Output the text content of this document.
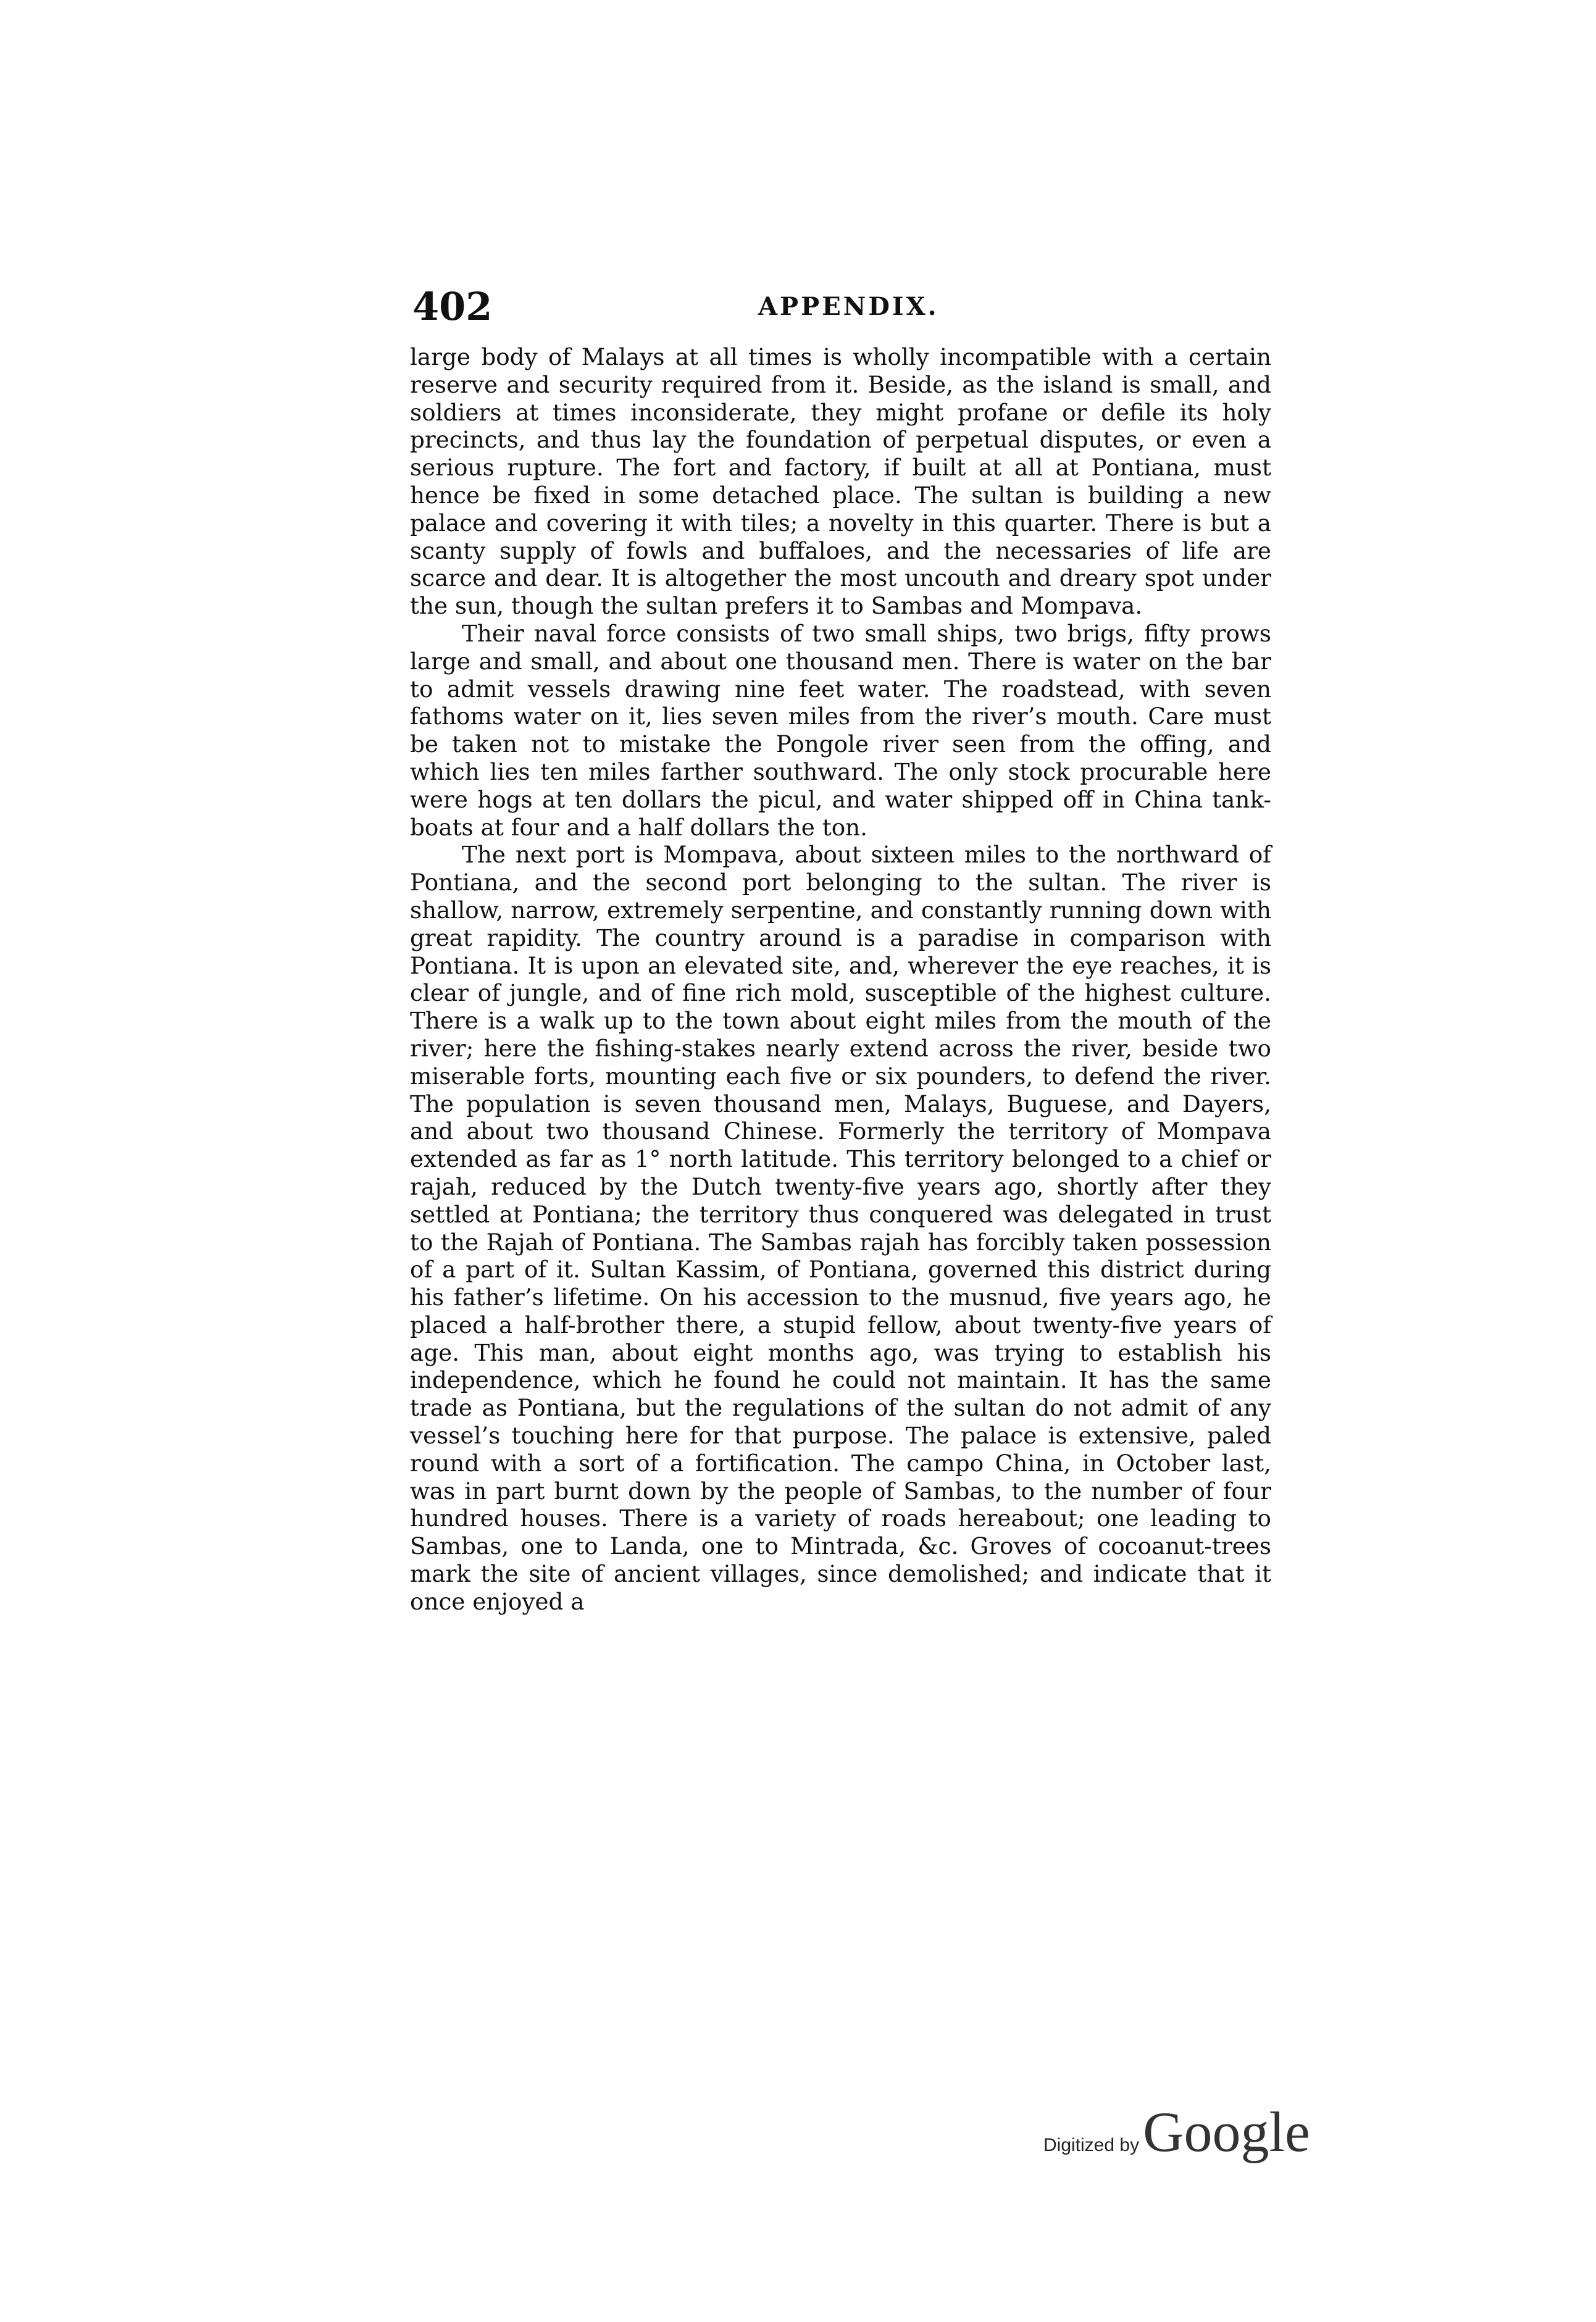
402	APPENDIX.

large body of Malays at all times is wholly incompatible with a certain reserve and security required from it. Beside, as the island is small, and soldiers at times inconsiderate, they might profane or defile its holy precincts, and thus lay the foundation of perpetual disputes, or even a serious rupture. The fort and factory, if built at all at Pontiana, must hence be fixed in some detached place. The sultan is building a new palace and covering it with tiles; a novelty in this quarter. There is but a scanty supply of fowls and buffaloes, and the necessaries of life are scarce and dear. It is altogether the most uncouth and dreary spot under the sun, though the sultan prefers it to Sambas and Mompava.

Their naval force consists of two small ships, two brigs, fifty prows large and small, and about one thousand men. There is water on the bar to admit vessels drawing nine feet water. The roadstead, with seven fathoms water on it, lies seven miles from the river’s mouth. Care must be taken not to mistake the Pongole river seen from the offing, and which lies ten miles farther southward. The only stock procurable here were hogs at ten dollars the picul, and water shipped off in China tank-boats at four and a half dollars the ton.

The next port is Mompava, about sixteen miles to the northward of Pontiana, and the second port belonging to the sultan. The river is shallow, narrow, extremely serpentine, and constantly running down with great rapidity. The country around is a paradise in comparison with Pontiana. It is upon an elevated site, and, wherever the eye reaches, it is clear of jungle, and of fine rich mold, susceptible of the highest culture. There is a walk up to the town about eight miles from the mouth of the river; here the fishing-stakes nearly extend across the river, beside two miserable forts, mounting each five or six pounders, to defend the river. The population is seven thousand men, Malays, Buguese, and Dayers, and about two thousand Chinese. Formerly the territory of Mompava extended as far as 1° north latitude. This territory belonged to a chief or rajah, reduced by the Dutch twenty-five years ago, shortly after they settled at Pontiana; the territory thus conquered was delegated in trust to the Rajah of Pontiana. The Sambas rajah has forcibly taken possession of a part of it. Sultan Kassim, of Pontiana, governed this district during his father’s lifetime. On his accession to the musnud, five years ago, he placed a half-brother there, a stupid fellow, about twenty-five years of age. This man, about eight months ago, was trying to establish his independence, which he found he could not maintain. It has the same trade as Pontiana, but the regulations of the sultan do not admit of any vessel’s touching here for that purpose. The palace is extensive, paled round with a sort of a fortification. The campo China, in October last, was in part burnt down by the people of Sambas, to the number of four hundred houses. There is a variety of roads hereabout; one leading to Sambas, one to Landa, one to Mintrada, &c. Groves of cocoanut-trees mark the site of ancient villages, since demolished; and indicate that it once enjoyed a

Digitized byGoogle
